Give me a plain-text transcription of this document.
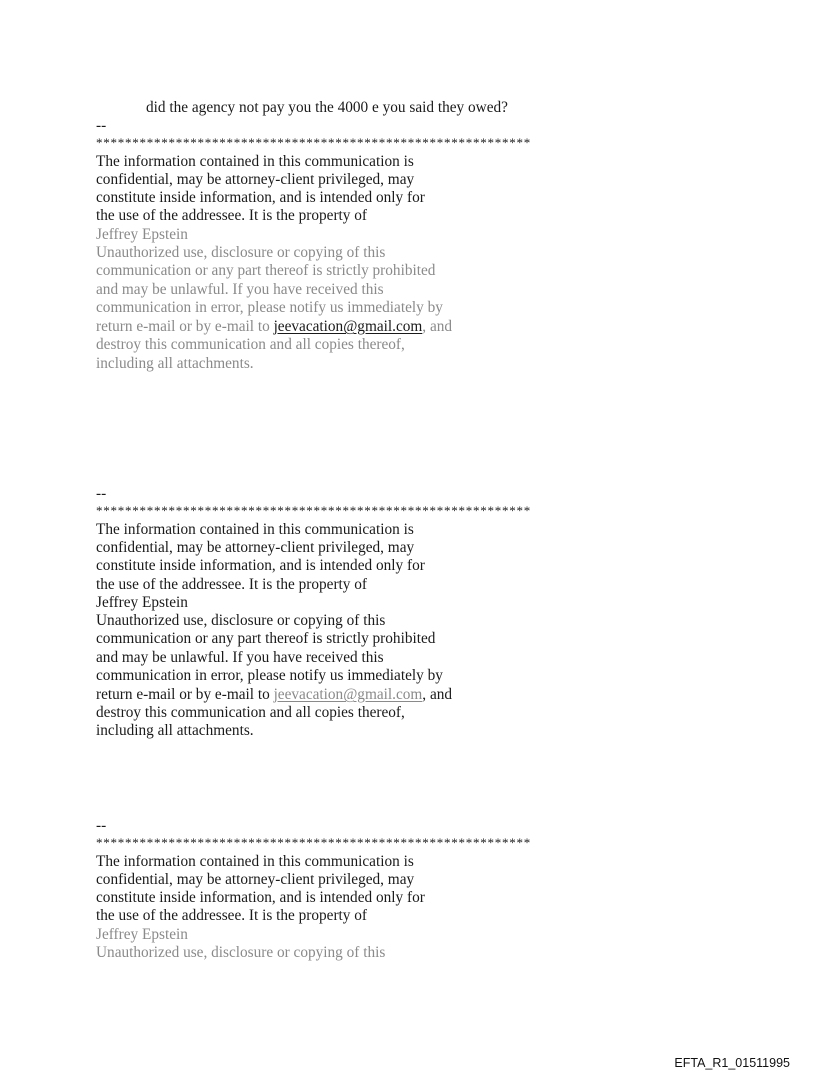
did the agency not pay you the 4000 e you said they owed?
--
************************************************************
The information contained in this communication is
confidential, may be attorney-client privileged, may
constitute inside information, and is intended only for
the use of the addressee. It is the property of
Jeffrey Epstein
Unauthorized use, disclosure or copying of this
communication or any part thereof is strictly prohibited
and may be unlawful. If you have received this
communication in error, please notify us immediately by
return e-mail or by e-mail to jeevacation@gmail.com, and
destroy this communication and all copies thereof,
including all attachments.
--
************************************************************
The information contained in this communication is
confidential, may be attorney-client privileged, may
constitute inside information, and is intended only for
the use of the addressee. It is the property of
Jeffrey Epstein
Unauthorized use, disclosure or copying of this
communication or any part thereof is strictly prohibited
and may be unlawful. If you have received this
communication in error, please notify us immediately by
return e-mail or by e-mail to jeevacation@gmail.com, and
destroy this communication and all copies thereof,
including all attachments.
--
************************************************************
The information contained in this communication is
confidential, may be attorney-client privileged, may
constitute inside information, and is intended only for
the use of the addressee. It is the property of
Jeffrey Epstein
Unauthorized use, disclosure or copying of this
EFTA_R1_01511995
